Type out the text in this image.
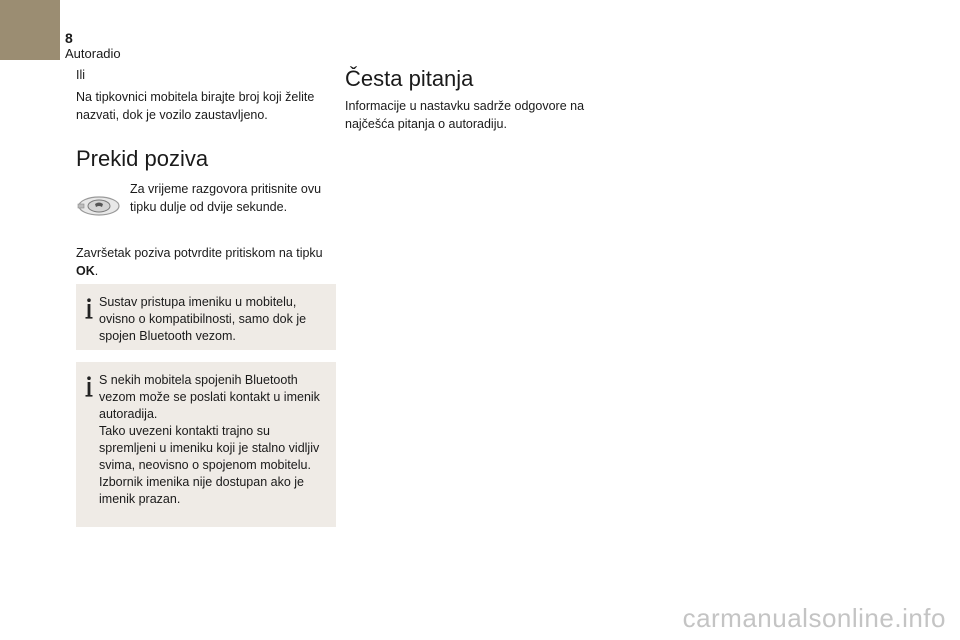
8
Autoradio

Ili

Na tipkovnici mobitela birajte broj koji želite nazvati, dok je vozilo zaustavljeno.

Prekid poziva

Za vrijeme razgovora pritisnite ovu tipku dulje od dvije sekunde.

Završetak poziva potvrdite pritiskom na tipku OK.

Sustav pristupa imeniku u mobitelu, ovisno o kompatibilnosti, samo dok je spojen Bluetooth vezom.
S nekih mobitela spojenih Bluetooth vezom može se poslati kontakt u imenik autoradija.
Tako uvezeni kontakti trajno su spremljeni u imeniku koji je stalno vidljiv svima, neovisno o spojenom mobitelu.
Izbornik imenika nije dostupan ako je imenik prazan.
Česta pitanja

Informacije u nastavku sadrže odgovore na najčešća pitanja o autoradiju.

carmanualsonline.info
